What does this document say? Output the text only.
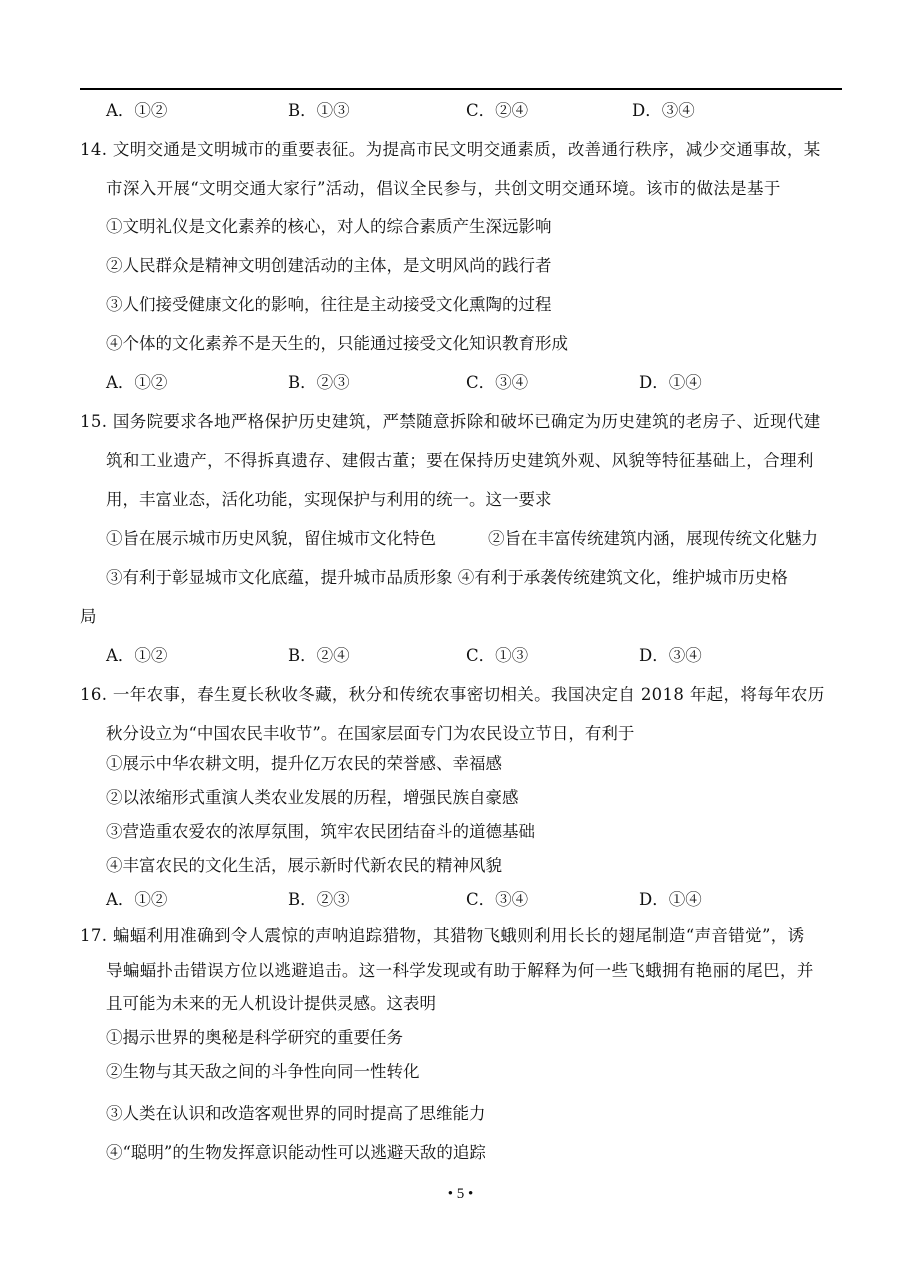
A．①②	B．①③	C．②④	D．③④
14. 文明交通是文明城市的重要表征。为提高市民文明交通素质，改善通行秩序，减少交通事故，某
市深入开展“文明交通大家行”活动，倡议全民参与，共创文明交通环境。该市的做法是基于
①文明礼仪是文化素养的核心，对人的综合素质产生深远影响
②人民群众是精神文明创建活动的主体，是文明风尚的践行者
③人们接受健康文化的影响，往往是主动接受文化熏陶的过程
④个体的文化素养不是天生的，只能通过接受文化知识教育形成
A．①②	B．②③	C．③④	D．①④
15. 国务院要求各地严格保护历史建筑，严禁随意拆除和破坏已确定为历史建筑的老房子、近现代建
筑和工业遗产，不得拆真遗存、建假古董；要在保持历史建筑外观、风貌等特征基础上，合理利
用，丰富业态，活化功能，实现保护与利用的统一。这一要求
①旨在展示城市历史风貌，留住城市文化特色	②旨在丰富传统建筑内涵，展现传统文化魅力
③有利于彰显城市文化底蕴，提升城市品质形象 ④有利于承袭传统建筑文化，维护城市历史格
局
A．①②	B．②④	C．①③	D．③④
16. 一年农事，春生夏长秋收冬藏，秋分和传统农事密切相关。我国决定自 2018 年起，将每年农历
秋分设立为“中国农民丰收节”。在国家层面专门为农民设立节日，有利于
①展示中华农耕文明，提升亿万农民的荣誉感、幸福感
②以浓缩形式重演人类农业发展的历程，增强民族自豪感
③营造重农爱农的浓厚氛围，筑牢农民团结奋斗的道德基础
④丰富农民的文化生活，展示新时代新农民的精神风貌
A．①②	B．②③	C．③④	D．①④
17. 蝙蝠利用准确到令人震惊的声呐追踪猎物，其猎物飞蛾则利用长长的翅尾制造“声音错觉”，诱
导蝙蝠扑击错误方位以逃避追击。这一科学发现或有助于解释为何一些飞蛾拥有艳丽的尾巴，并
且可能为未来的无人机设计提供灵感。这表明
①揭示世界的奥秘是科学研究的重要任务
②生物与其天敌之间的斗争性向同一性转化
③人类在认识和改造客观世界的同时提高了思维能力
④“聪明”的生物发挥意识能动性可以逃避天敌的追踪
• 5 •
